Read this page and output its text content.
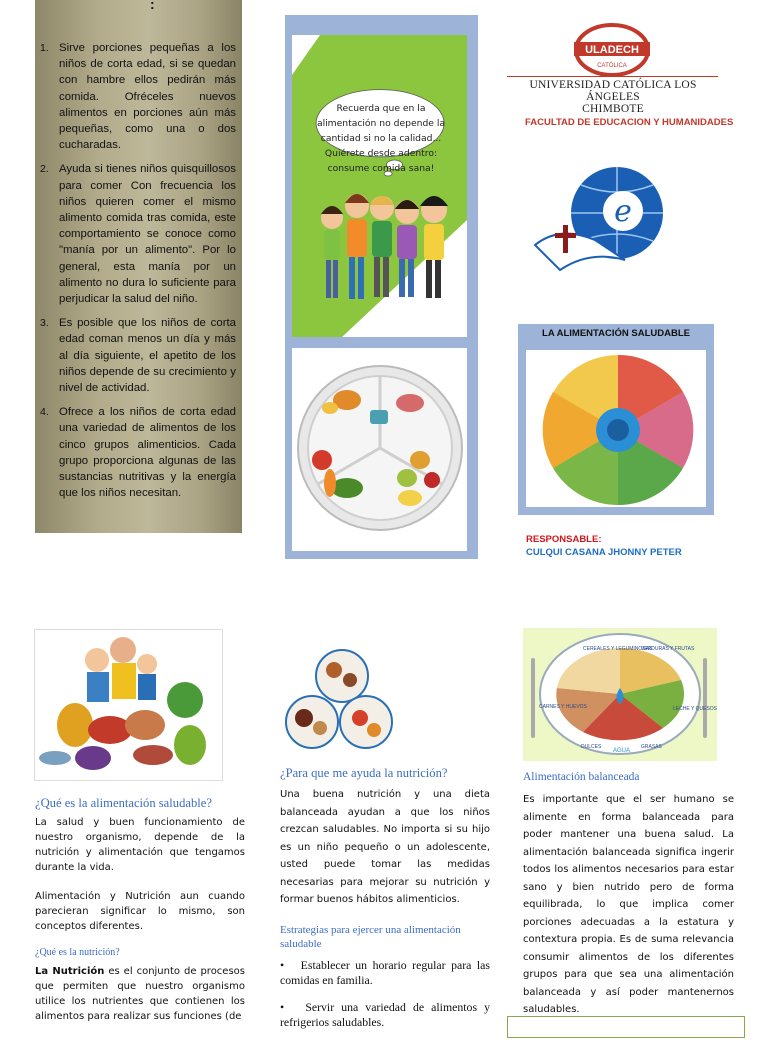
:
1. Sirve porciones pequeñas a los niños de corta edad, si se quedan con hambre ellos pedirán más comida. Ofréceles nuevos alimentos en porciones aún más pequeñas, como una o dos cucharadas.
2. Ayuda si tienes niños quisquillosos para comer Con frecuencia los niños quieren comer el mismo alimento comida tras comida, este comportamiento se conoce como "manía por un alimento". Por lo general, esta manía por un alimento no dura lo suficiente para perjudicar la salud del niño.
3. Es posible que los niños de corta edad coman menos un día y más al día siguiente, el apetito de los niños depende de su crecimiento y nivel de actividad.
4. Ofrece a los niños de corta edad una variedad de alimentos de los cinco grupos alimenticios. Cada grupo proporciona algunas de las sustancias nutritivas y la energía que los niños necesitan.
Recuerda que en la alimentación no depende la cantidad si no la calidad... Quiérete desde adentro: consume comida sana!
ULADECH
CATÓLICA
UNIVERSIDAD CATÓLICA LOS ÁNGELES
CHIMBOTE
FACULTAD DE EDUCACION Y HUMANIDADES
e
LA ALIMENTACIÓN SALUDABLE
RESPONSABLE:
CULQUI CASANA JHONNY PETER
¿Qué es la alimentación saludable?
La salud y buen funcionamiento de nuestro organismo, depende de la nutrición y alimentación que tengamos durante la vida.
Alimentación y Nutrición aun cuando parecieran significar lo mismo, son conceptos diferentes.
¿Qué es la nutrición?
La Nutrición es el conjunto de procesos que permiten que nuestro organismo utilice los nutrientes que contienen los alimentos para realizar sus funciones (de
¿Para que me ayuda la nutrición?
Una buena nutrición y una dieta balanceada ayudan a que los niños crezcan saludables. No importa si su hijo es un niño pequeño o un adolescente, usted puede tomar las medidas necesarias para mejorar su nutrición y formar buenos hábitos alimenticios.
Estrategias para ejercer una alimentación saludable
•   Establecer un horario regular para las comidas en familia.
•   Servir una variedad de alimentos y refrigerios saludables.
CEREALES Y LEGUMINOSAS
VERDURAS Y FRUTAS
CARNES Y HUEVOS	LECHE Y QUESOS
DULCES
AGUA
GRASAS
Alimentación balanceada
Es importante que el ser humano se alimente en forma balanceada para poder mantener una buena salud. La alimentación balanceada significa ingerir todos los alimentos necesarios para estar sano y bien nutrido pero de forma equilibrada, lo que implica comer porciones adecuadas a la estatura y contextura propia. Es de suma relevancia consumir alimentos de los diferentes grupos para que sea una alimentación balanceada y así poder mantenernos saludables.
